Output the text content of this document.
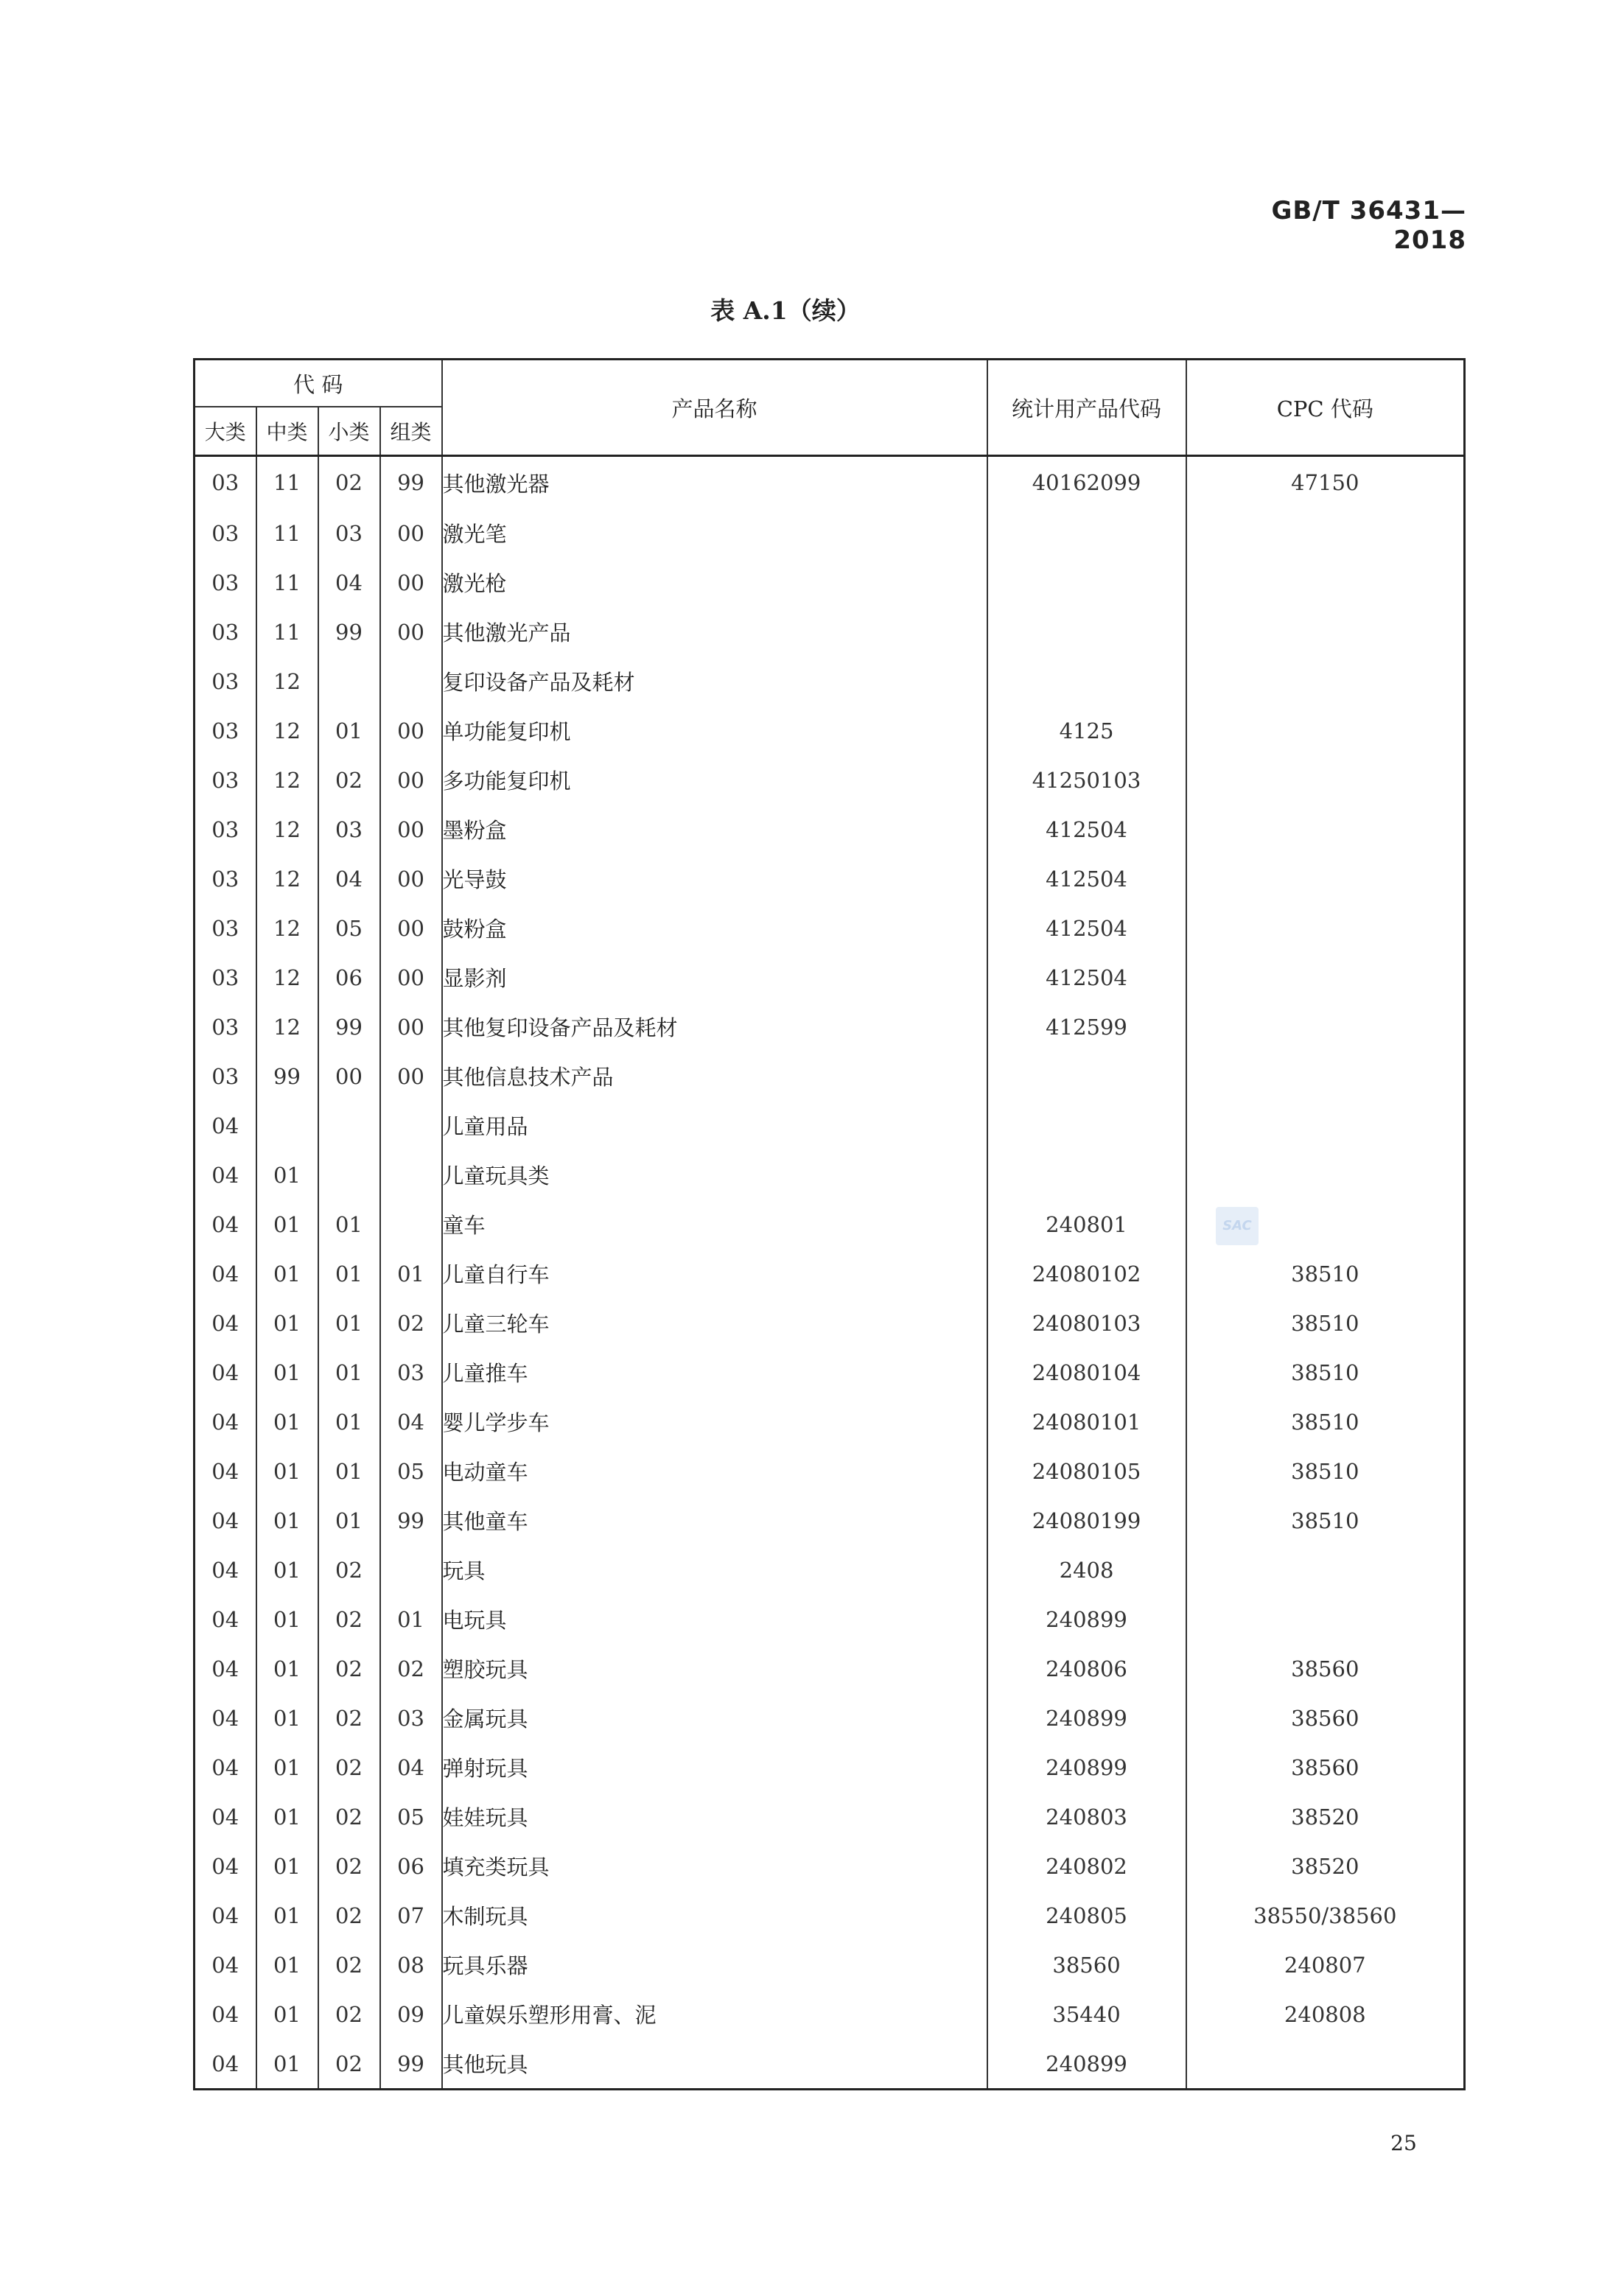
GB/T 36431—2018
表 A.1（续）
代 码				产品名称	统计用产品代码	CPC 代码
大类	中类	小类	组类			
03	11	02	99	其他激光器	40162099	47150
03	11	03	00	激光笔		
03	11	04	00	激光枪		
03	11	99	00	其他激光产品		
03	12			复印设备产品及耗材		
03	12	01	00	单功能复印机	4125	
03	12	02	00	多功能复印机	41250103	
03	12	03	00	墨粉盒	412504	
03	12	04	00	光导鼓	412504	
03	12	05	00	鼓粉盒	412504	
03	12	06	00	显影剂	412504	
03	12	99	00	其他复印设备产品及耗材	412599	
03	99	00	00	其他信息技术产品		
04				儿童用品		
04	01			儿童玩具类		
04	01	01		童车	240801	
04	01	01	01	儿童自行车	24080102	38510
04	01	01	02	儿童三轮车	24080103	38510
04	01	01	03	儿童推车	24080104	38510
04	01	01	04	婴儿学步车	24080101	38510
04	01	01	05	电动童车	24080105	38510
04	01	01	99	其他童车	24080199	38510
04	01	02		玩具	2408	
04	01	02	01	电玩具	240899	
04	01	02	02	塑胶玩具	240806	38560
04	01	02	03	金属玩具	240899	38560
04	01	02	04	弹射玩具	240899	38560
04	01	02	05	娃娃玩具	240803	38520
04	01	02	06	填充类玩具	240802	38520
04	01	02	07	木制玩具	240805	38550/38560
04	01	02	08	玩具乐器	38560	240807
04	01	02	09	儿童娱乐塑形用膏、泥	35440	240808
04	01	02	99	其他玩具	240899	
SAC
25
